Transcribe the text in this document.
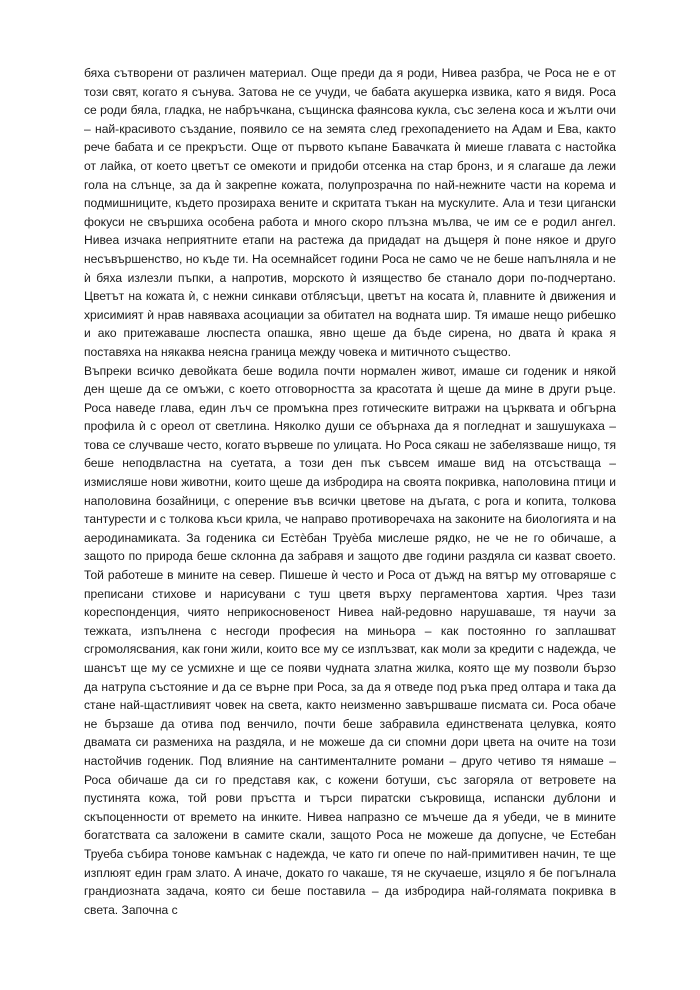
бяха сътворени от различен материал. Още преди да я роди, Нивеа разбра, че Роса не е от този свят, когато я сънува. Затова не се учуди, че бабата акушерка извика, като я видя. Роса се роди бяла, гладка, не набръчкана, същинска фаянсова кукла, със зелена коса и жълти очи – най-красивото създание, появило се на земята след грехопадението на Адам и Ева, както рече бабата и се прекръсти. Още от първото къпане Бавачката ѝ миеше главата с настойка от лайка, от което цветът се омекоти и придоби отсенка на стар бронз, и я слагаше да лежи гола на слънце, за да ѝ закрепне кожата, полупрозрачна по най-нежните части на корема и подмишниците, където прозираха вените и скритата тъкан на мускулите. Ала и тези цигански фокуси не свършиха особена работа и много скоро плъзна мълва, че им се е родил ангел. Нивеа изчака неприятните етапи на растежа да придадат на дъщеря ѝ поне някое и друго несъвършенство, но къде ти. На осемнайсет години Роса не само че не беше напълняла и не ѝ бяха излезли пъпки, а напротив, морското ѝ изящество бе станало дори по-подчертано. Цветът на кожата ѝ, с нежни синкави отблясъци, цветът на косата ѝ, плавните ѝ движения и хрисимият ѝ нрав навяваха асоциации за обитател на водната шир. Тя имаше нещо рибешко и ако притежаваше люспеста опашка, явно щеше да бъде сирена, но двата ѝ крака я поставяха на някаква неясна граница между човека и митичното същество.

Въпреки всичко девойката беше водила почти нормален живот, имаше си годеник и някой ден щеше да се омъжи, с което отговорността за красотата ѝ щеше да мине в други ръце. Роса наведе глава, един лъч се промъкна през готическите витражи на църквата и обгърна профила ѝ с ореол от светлина. Няколко души се обърнаха да я погледнат и зашушукаха – това се случваше често, когато вървеше по улицата. Но Роса сякаш не забелязваше нищо, тя беше неподвластна на суетата, а този ден пък съвсем имаше вид на отсъстваща – измисляше нови животни, които щеше да избродира на своята покривка, наполовина птици и наполовина бозайници, с оперение във всички цветове на дъгата, с рога и копита, толкова тантурести и с толкова къси крила, че направо противоречаха на законите на биологията и на аеродинамиката. За годеника си Естѐбан Труѐба мислеше рядко, не че не го обичаше, а защото по природа беше склонна да забравя и защото две години раздяла си казват своето. Той работеше в мините на север. Пишеше ѝ често и Роса от дъжд на вятър му отговаряше с преписани стихове и нарисувани с туш цветя върху пергаментова хартия. Чрез тази кореспонденция, чиято неприкосновеност Нивеа най-редовно нарушаваше, тя научи за тежката, изпълнена с несгоди професия на миньора – как постоянно го заплашват сгромолясвания, как гони жили, които все му се изплъзват, как моли за кредити с надежда, че шансът ще му се усмихне и ще се появи чудната златна жилка, която ще му позволи бързо да натрупа състояние и да се върне при Роса, за да я отведе под ръка пред олтара и така да стане най-щастливият човек на света, както неизменно завършваше писмата си. Роса обаче не бързаше да отива под венчило, почти беше забравила единствената целувка, която двамата си размениха на раздяла, и не можеше да си спомни дори цвета на очите на този настойчив годеник. Под влияние на сантименталните романи – друго четиво тя нямаше – Роса обичаше да си го представя как, с кожени ботуши, със загоряла от ветровете на пустинята кожа, той рови пръстта и търси пиратски съкровища, испански дублони и скъпоценности от времето на инките. Нивеа напразно се мъчеше да я убеди, че в мините богатствата са заложени в самите скали, защото Роса не можеше да допусне, че Естебан Труеба събира тонове камънак с надежда, че като ги опече по най-примитивен начин, те ще изплюят един грам злато. А иначе, докато го чакаше, тя не скучаеше, изцяло я бе погълнала грандиозната задача, която си беше поставила – да избродира най-голямата покривка в света. Започна с
